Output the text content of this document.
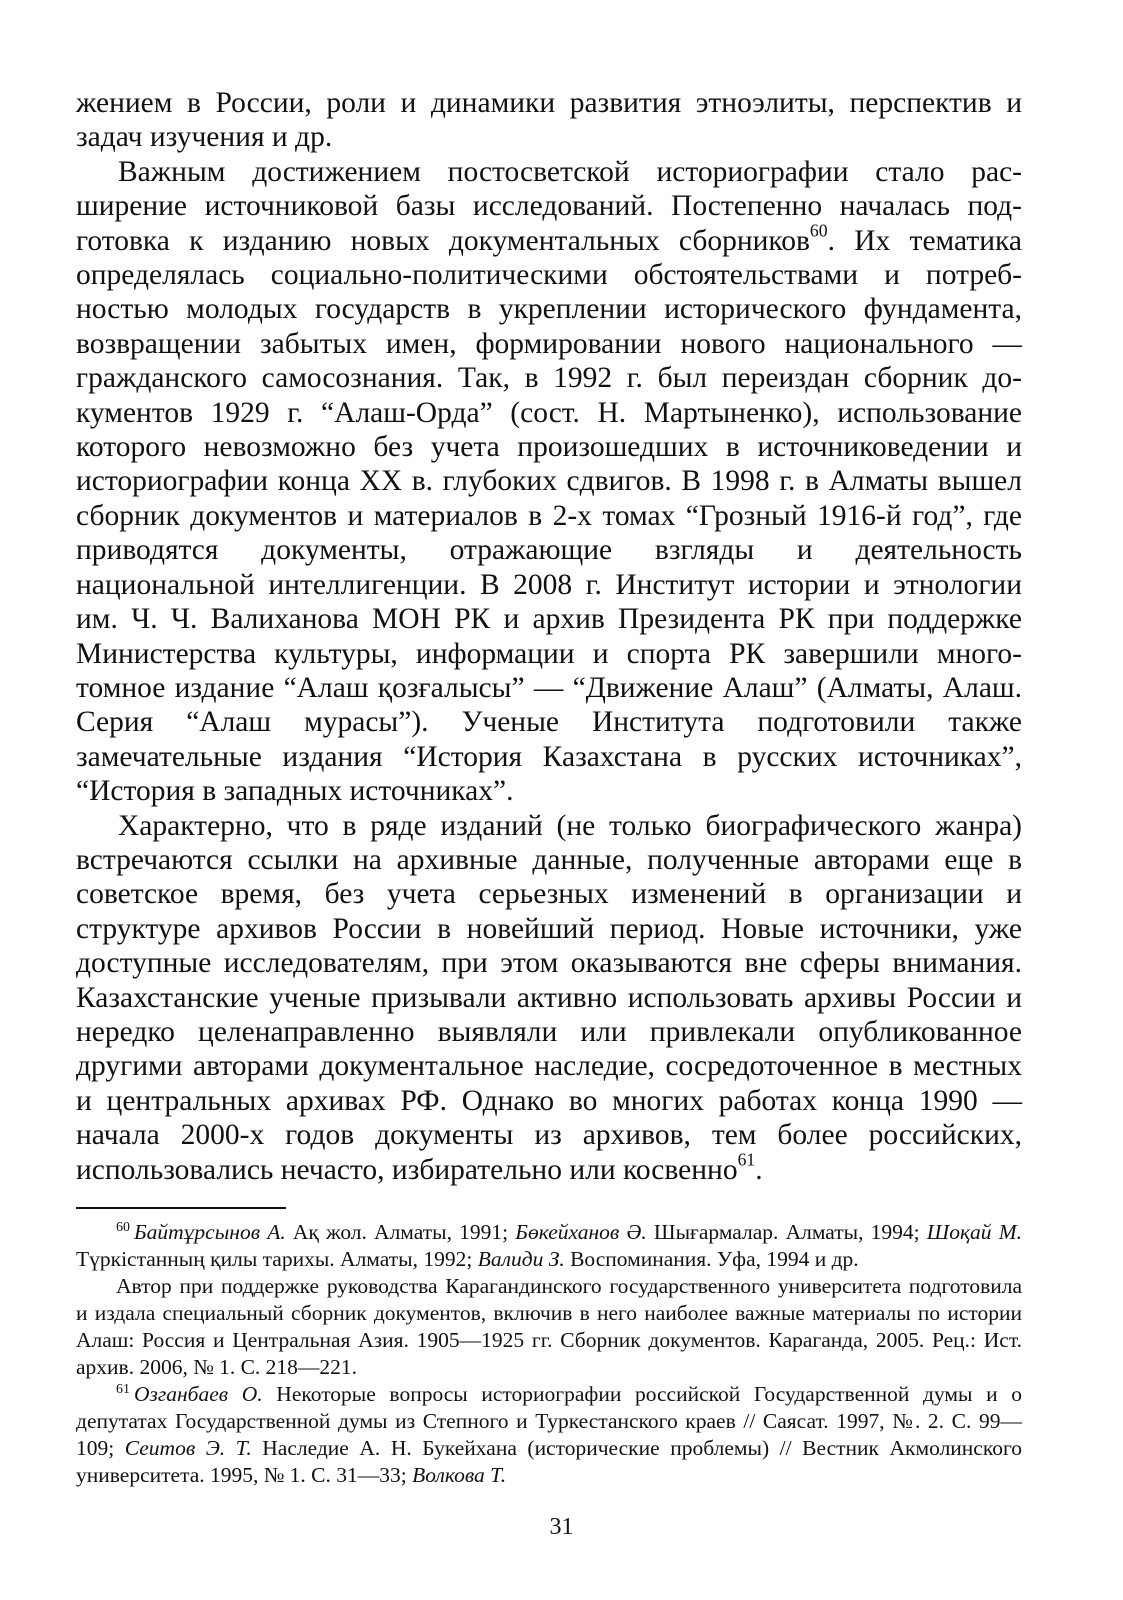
жением в России, роли и динамики развития этноэлиты, перспектив и задач изучения и др.

Важным достижением постосветской историографии стало расширение источниковой базы исследований. Постепенно началась подготовка к изданию новых документальных сборников$^{60}$. Их тематика определялась социально-политическими обстоятельствами и потребностью молодых государств в укреплении исторического фундамента, возвращении забытых имен, формировании нового национального — гражданского самосознания. Так, в 1992 г. был переиздан сборник документов 1929 г. “Алаш-Орда” (сост. Н. Мартыненко), использование которого невозможно без учета произошедших в источниковедении и историографии конца XX в. глубоких сдвигов. В 1998 г. в Алматы вышел сборник документов и материалов в 2-х томах “Грозный 1916-й год”, где приводятся документы, отражающие взгляды и деятельность национальной интеллигенции. В 2008 г. Институт истории и этнологии им. Ч. Ч. Валиханова МОН РК и архив Президента РК при поддержке Министерства культуры, информации и спорта РК завершили многотомное издание “Алаш қозғалысы” — “Движение Алаш” (Алматы, Алаш. Серия “Алаш мурасы”). Ученые Института подготовили также замечательные издания “История Казахстана в русских источниках”, “История в западных источниках”.

Характерно, что в ряде изданий (не только биографического жанра) встречаются ссылки на архивные данные, полученные авторами еще в советское время, без учета серьезных изменений в организации и структуре архивов России в новейший период. Новые источники, уже доступные исследователям, при этом оказываются вне сферы внимания. Казахстанские ученые призывали активно использовать архивы России и нередко целенаправленно выявляли или привлекали опубликованное другими авторами документальное наследие, сосредоточенное в местных и центральных архивах РФ. Однако во многих работах конца 1990 — начала 2000-х годов документы из архивов, тем более российских, использовались нечасто, избирательно или косвенно$^{61}$.

$^{60}$ Байтұрсынов А. Ақ жол. Алматы, 1991; Бөкейханов Ә. Шығармалар. Алматы, 1994; Шоқай М. Түркістанның қилы тарихы. Алматы, 1992; Валиди З. Воспоминания. Уфа, 1994 и др.

Автор при поддержке руководства Карагандинского государственного университета подготовила и издала специальный сборник документов, включив в него наиболее важные материалы по истории Алаш: Россия и Центральная Азия. 1905—1925 гг. Сборник документов. Караганда, 2005. Рец.: Ист. архив. 2006, № 1. С. 218—221.

$^{61}$ Озганбаев О. Некоторые вопросы историографии российской Государственной думы и о депутатах Государственной думы из Степного и Туркестанского краев // Саясат. 1997, №. 2. С. 99—109; Сеитов Э. Т. Наследие А. Н. Букейхана (исторические проблемы) // Вестник Акмолинского университета. 1995, № 1. С. 31—33; Волкова Т.

31
